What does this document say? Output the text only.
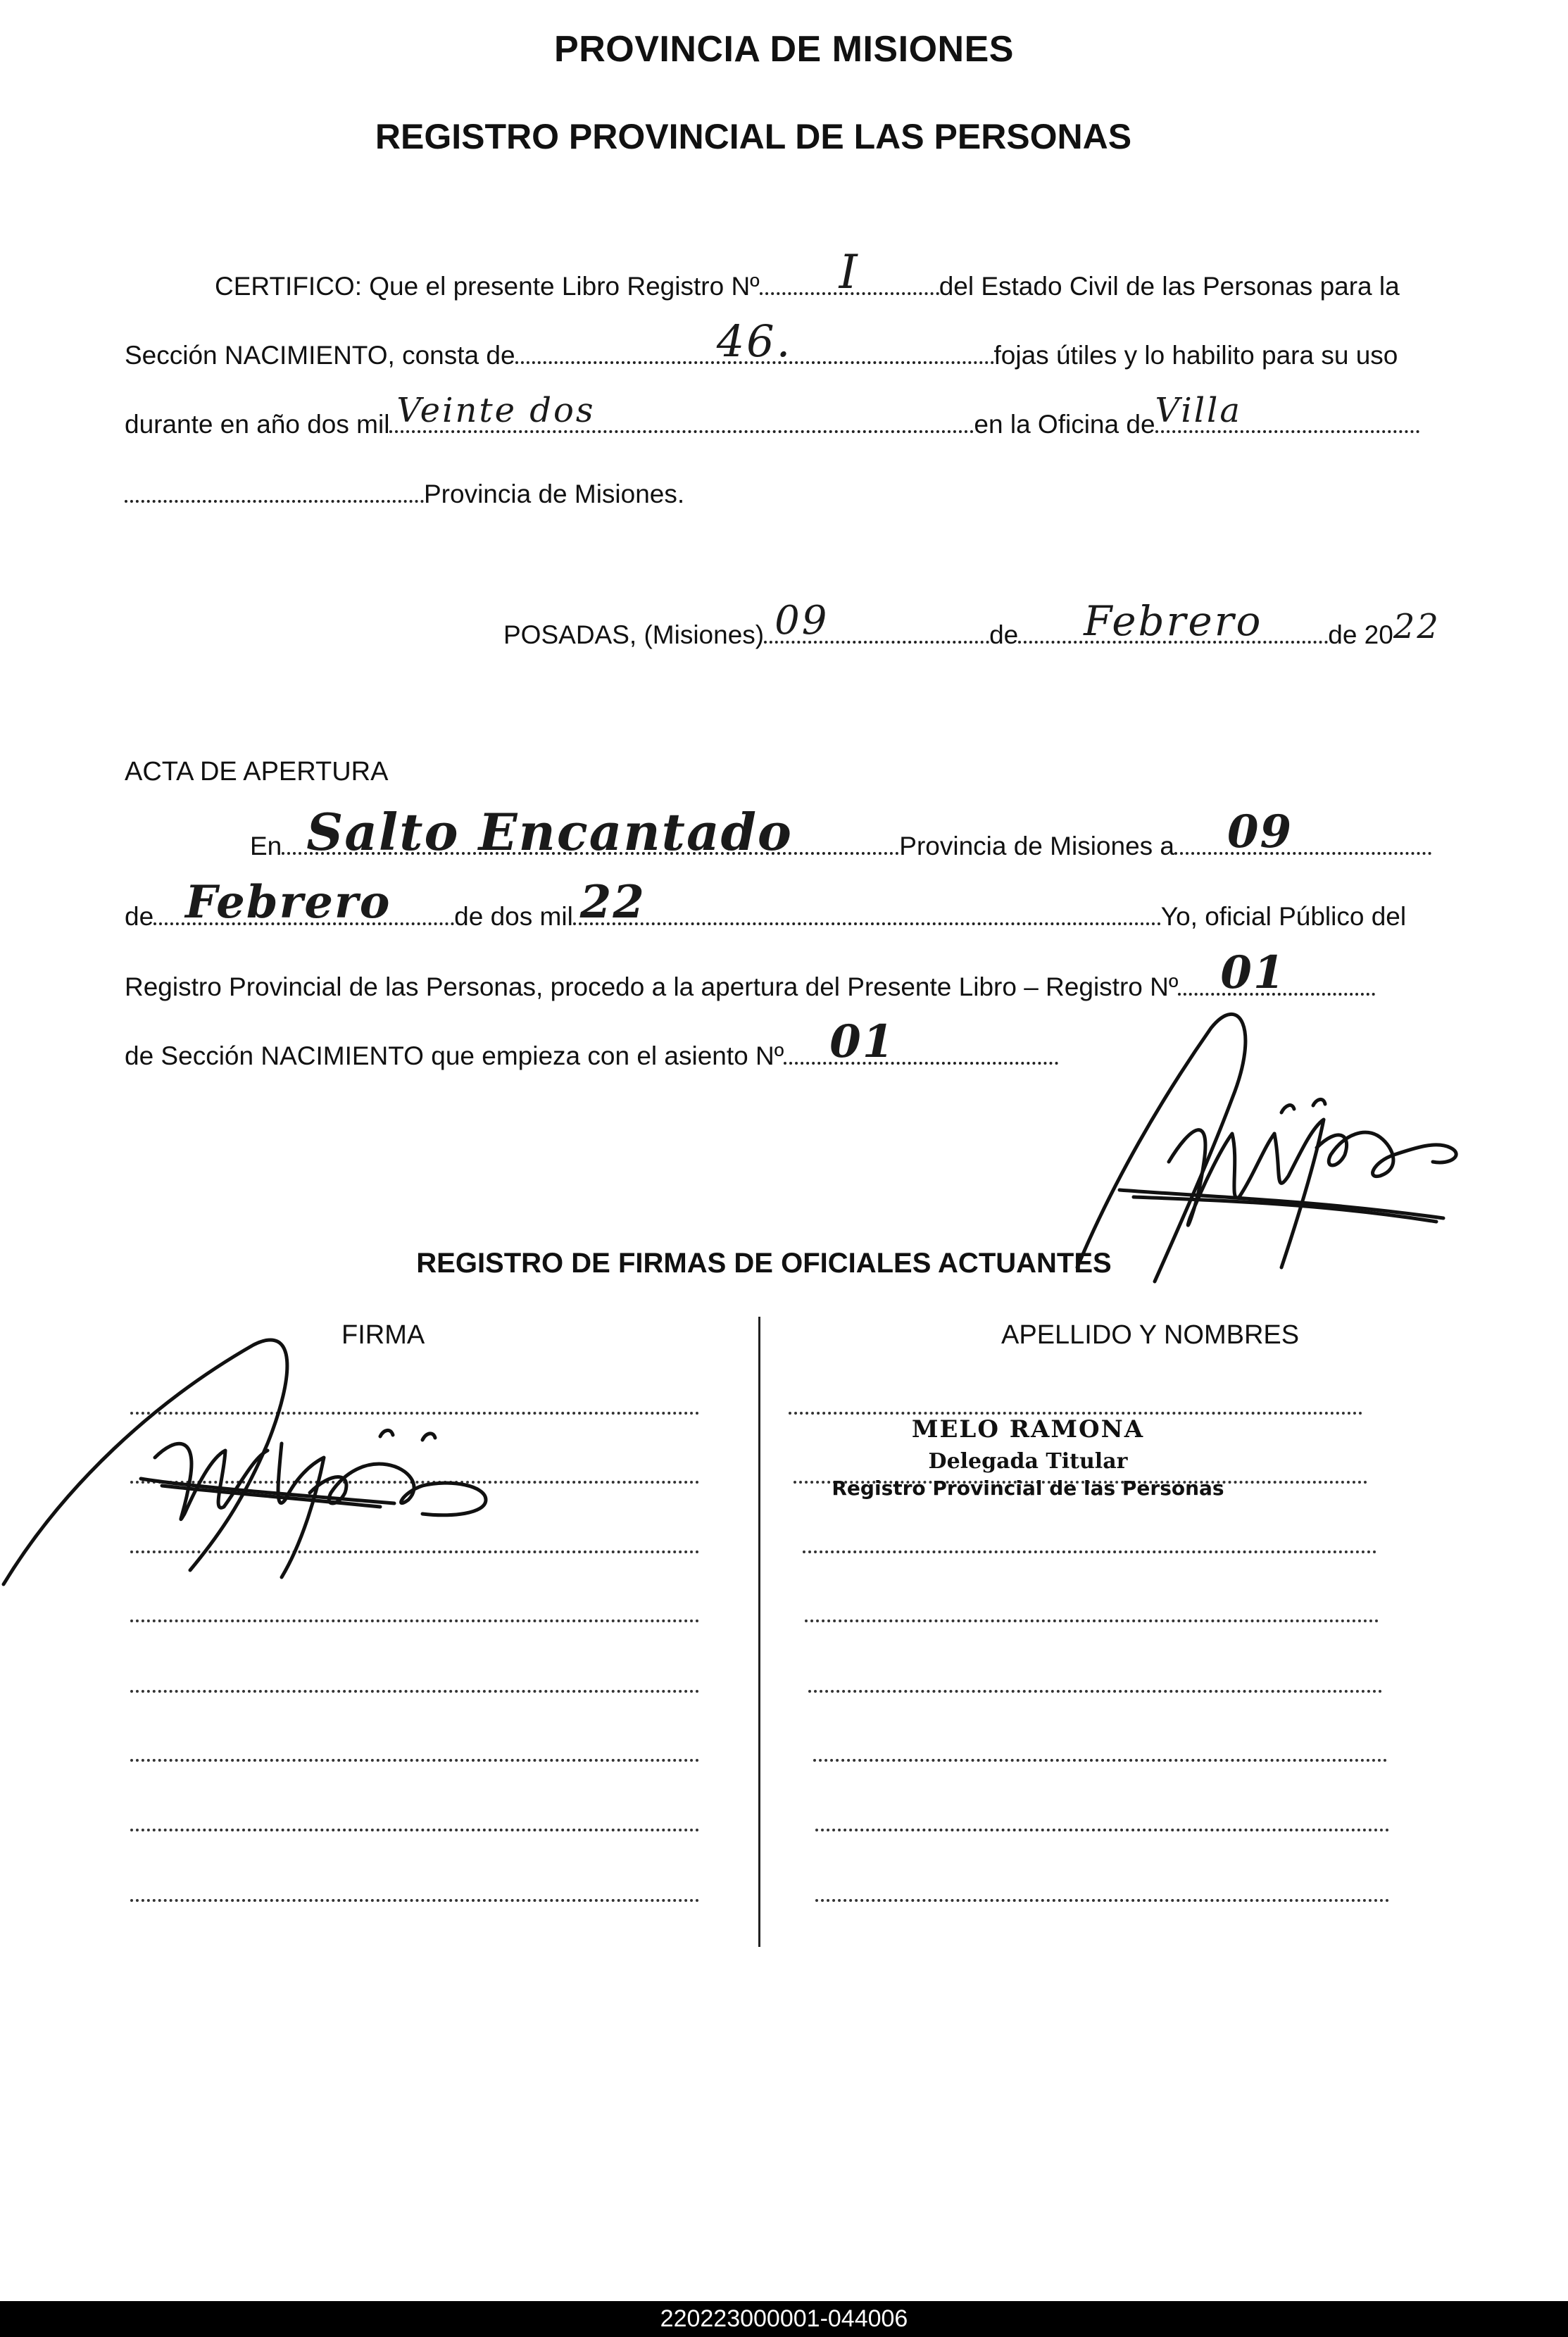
PROVINCIA DE MISIONES
REGISTRO PROVINCIAL DE LAS PERSONAS
CERTIFICO: Que el presente Libro Registro Nº	I	del Estado Civil de las Personas para la
Sección NACIMIENTO, consta de	46.	fojas útiles y lo habilito para su uso
durante en año dos mil Veinte dos	en la Oficina de Villa
Provincia de Misiones.
POSADAS, (Misiones) 09	de	Febrero	de 20 22
ACTA DE APERTURA
En Salto Encantado	Provincia de Misiones a 09
de Febrero	de dos mil 22	Yo, oficial Público del
Registro Provincial de las Personas, procedo a la apertura del Presente Libro – Registro Nº 01
de Sección NACIMIENTO que empieza con el asiento Nº 01
REGISTRO DE FIRMAS DE OFICIALES ACTUANTES
FIRMA	APELLIDO Y NOMBRES
MELO RAMONA
Delegada Titular
Registro Provincial de las Personas
220223000001-044006
